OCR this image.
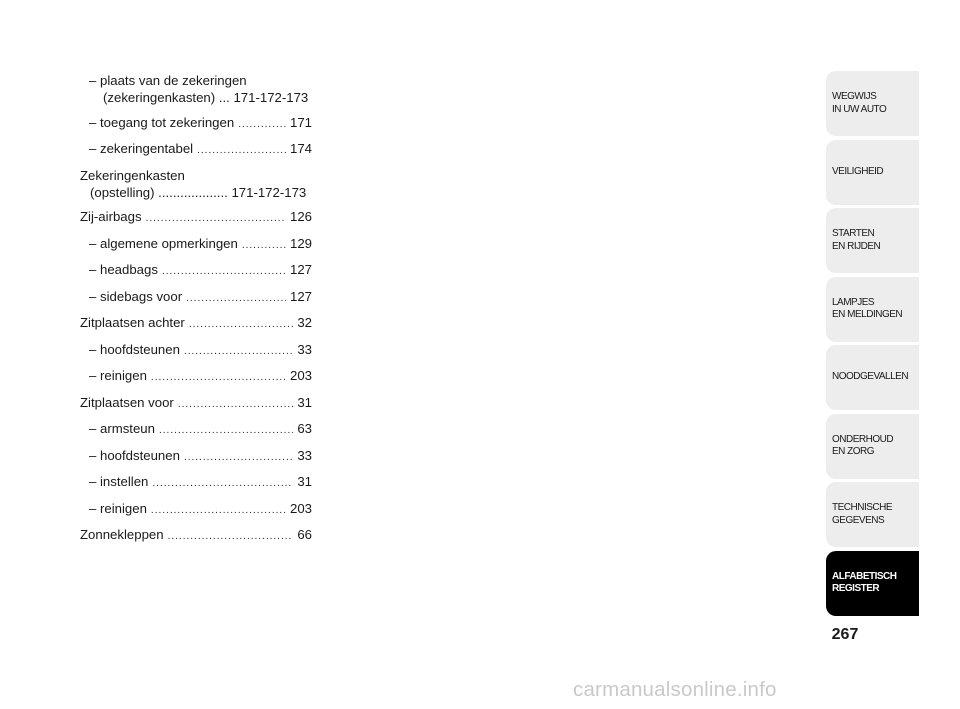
– plaats van de zekeringen
(zekeringenkasten) ... 171-172-173
– toegang tot zekeringen .....	171
– zekeringentabel .....	174
Zekeringenkasten
(opstelling) ................... 171-172-173
Zij-airbags .....	126
– algemene opmerkingen .....	129
– headbags .....	127
– sidebags voor .....	127
Zitplaatsen achter .....	32
– hoofdsteunen .....	33
– reinigen .....	203
Zitplaatsen voor .....	31
– armsteun .....	63
– hoofdsteunen .....	33
– instellen .....	31
– reinigen .....	203
Zonnekleppen .....	66
WEGWIJS
IN UW AUTO
VEILIGHEID
STARTEN
EN RIJDEN
LAMPJES
EN MELDINGEN
NOODGEVALLEN
ONDERHOUD
EN ZORG
TECHNISCHE
GEGEVENS
ALFABETISCH
REGISTER
267
carmanualsonline.info
